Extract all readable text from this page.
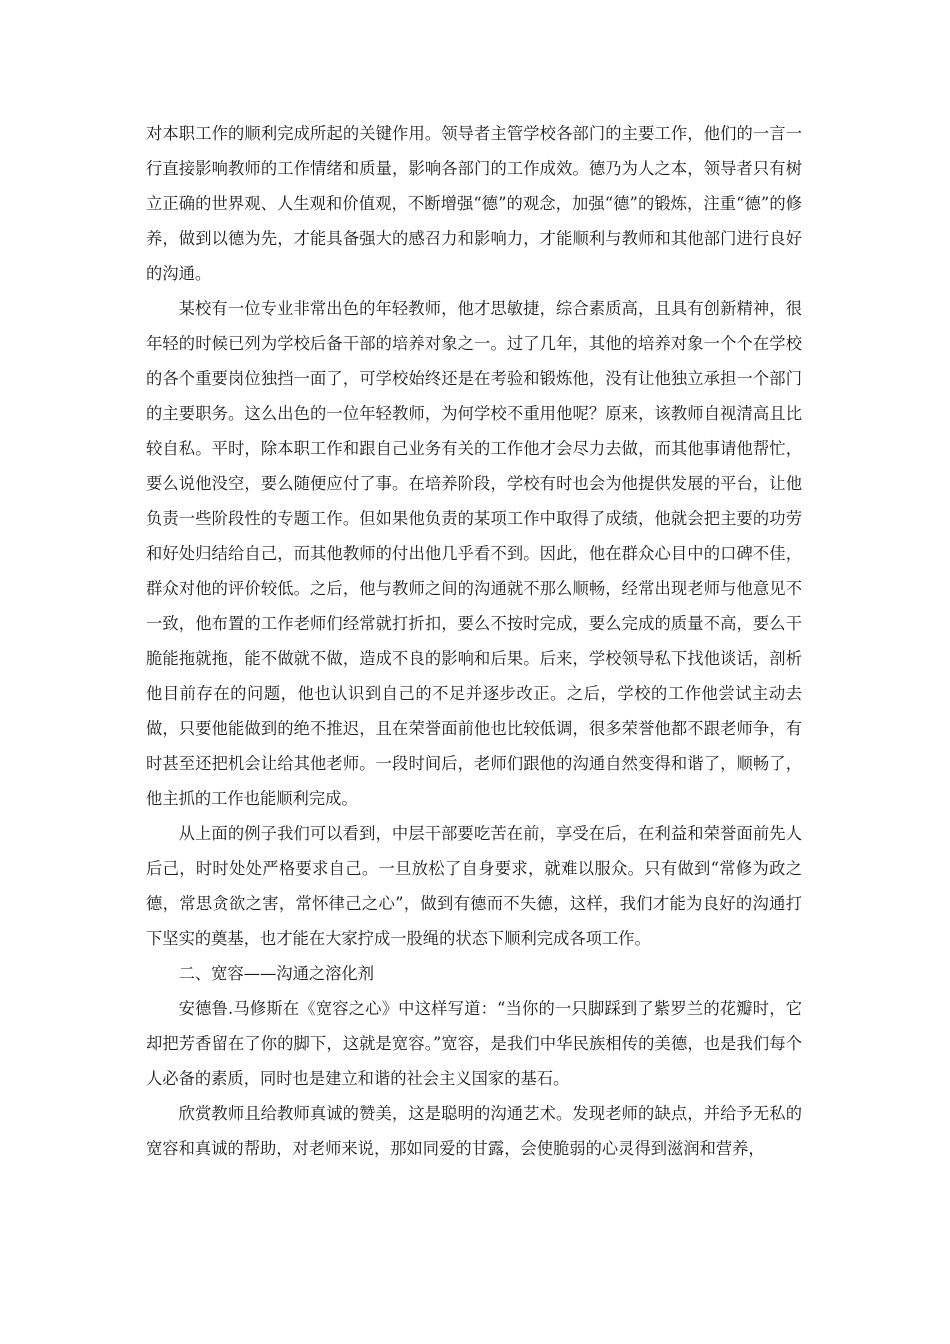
对本职工作的顺利完成所起的关键作用。领导者主管学校各部门的主要工作，他们的一言一行直接影响教师的工作情绪和质量，影响各部门的工作成效。德乃为人之本，领导者只有树立正确的世界观、人生观和价值观，不断增强“德”的观念，加强“德”的锻炼，注重“德”的修养，做到以德为先，才能具备强大的感召力和影响力，才能顺利与教师和其他部门进行良好的沟通。

某校有一位专业非常出色的年轻教师，他才思敏捷，综合素质高，且具有创新精神，很年轻的时候已列为学校后备干部的培养对象之一。过了几年，其他的培养对象一个个在学校的各个重要岗位独挡一面了，可学校始终还是在考验和锻炼他，没有让他独立承担一个部门的主要职务。这么出色的一位年轻教师，为何学校不重用他呢？原来，该教师自视清高且比较自私。平时，除本职工作和跟自己业务有关的工作他才会尽力去做，而其他事请他帮忙，要么说他没空，要么随便应付了事。在培养阶段，学校有时也会为他提供发展的平台，让他负责一些阶段性的专题工作。但如果他负责的某项工作中取得了成绩，他就会把主要的功劳和好处归结给自己，而其他教师的付出他几乎看不到。因此，他在群众心目中的口碑不佳，群众对他的评价较低。之后，他与教师之间的沟通就不那么顺畅，经常出现老师与他意见不一致，他布置的工作老师们经常就打折扣，要么不按时完成，要么完成的质量不高，要么干脆能拖就拖，能不做就不做，造成不良的影响和后果。后来，学校领导私下找他谈话，剖析他目前存在的问题，他也认识到自己的不足并逐步改正。之后，学校的工作他尝试主动去做，只要他能做到的绝不推迟，且在荣誉面前他也比较低调，很多荣誉他都不跟老师争，有时甚至还把机会让给其他老师。一段时间后，老师们跟他的沟通自然变得和谐了，顺畅了，他主抓的工作也能顺利完成。

从上面的例子我们可以看到，中层干部要吃苦在前，享受在后，在利益和荣誉面前先人后己，时时处处严格要求自己。一旦放松了自身要求，就难以服众。只有做到“常修为政之德，常思贪欲之害，常怀律己之心”，做到有德而不失德，这样，我们才能为良好的沟通打下坚实的奠基，也才能在大家拧成一股绳的状态下顺利完成各项工作。

二、宽容——沟通之溶化剂

安德鲁.马修斯在《宽容之心》中这样写道：“当你的一只脚踩到了紫罗兰的花瓣时，它却把芳香留在了你的脚下，这就是宽容。”宽容，是我们中华民族相传的美德，也是我们每个人必备的素质，同时也是建立和谐的社会主义国家的基石。

欣赏教师且给教师真诚的赞美，这是聪明的沟通艺术。发现老师的缺点，并给予无私的宽容和真诚的帮助，对老师来说，那如同爱的甘露，会使脆弱的心灵得到滋润和营养，
